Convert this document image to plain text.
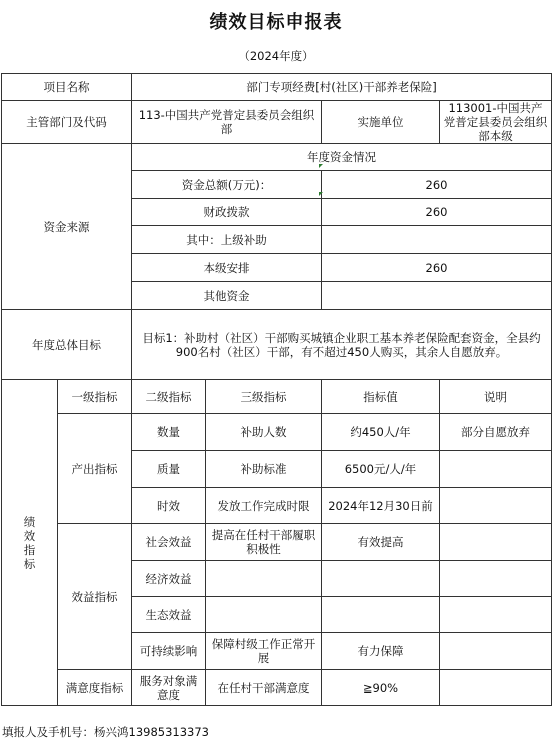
绩效目标申报表
（2024年度）
项目名称		部门专项经费[村(社区)干部养老保险]			
主管部门及代码		113-中国共产党普定县委员会组织部		实施单位	113001-中国共产党普定县委员会组织部本级
资金来源		年度资金情况			
		资金总额(万元)：		260	
		财政拨款		260	
		其中：上级补助			
		本级安排		260	
		其他资金			
年度总体目标		目标1：补助村（社区）干部购买城镇企业职工基本养老保险配套资金，全县约900名村（社区）干部，有不超过450人购买，其余人自愿放弃。			
绩效指标	一级指标	二级指标	三级指标	指标值	说明
	产出指标	数量	补助人数	约450人/年	部分自愿放弃
		质量	补助标准	6500元/人/年	
		时效	发放工作完成时限	2024年12月30日前	
	效益指标	社会效益	提高在任村干部履职积极性	有效提高	
		经济效益			
		生态效益			
		可持续影响	保障村级工作正常开展	有力保障	
	满意度指标	服务对象满意度	在任村干部满意度	≧90%	
填报人及手机号：杨兴鸿13985313373
